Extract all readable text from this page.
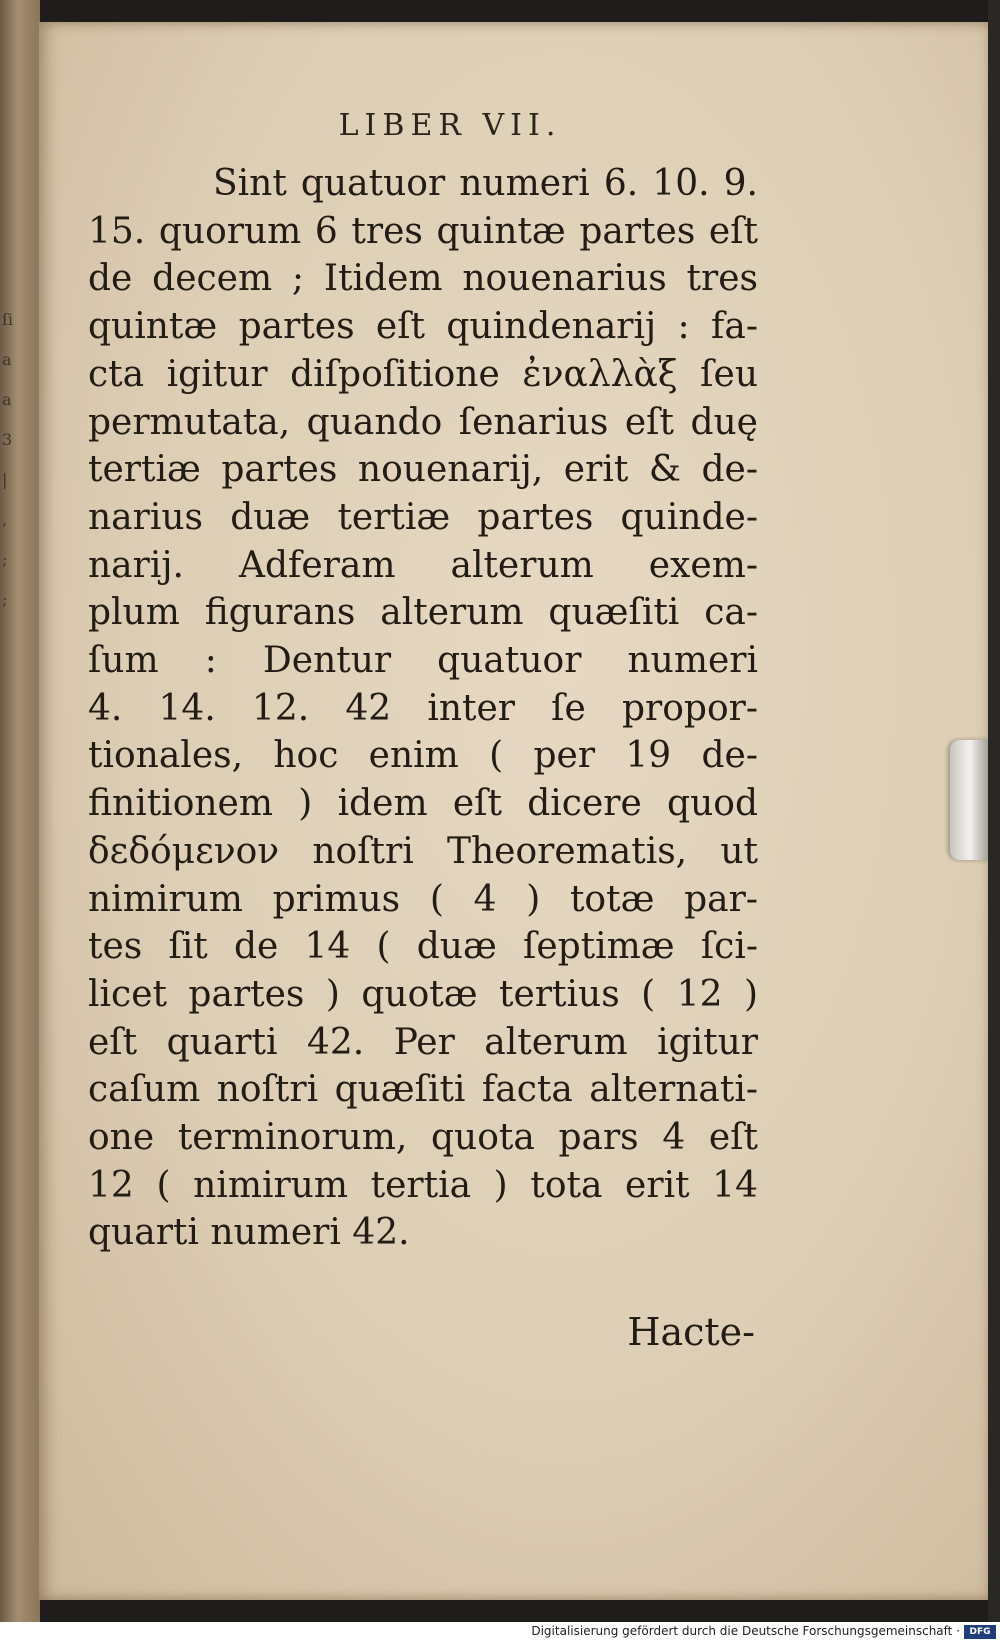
ſi
a
a
3
|
,
;
;
LIBER VII.
Sint quatuor numeri 6. 10. 9.
15. quorum 6 tres quintæ partes eſt
de decem ; Itidem nouenarius tres
quintæ partes eſt quindenarij : fa-
cta igitur diſpoſitione ἐναλλὰξ ſeu
permutata, quando ſenarius eſt duę
tertiæ partes nouenarij, erit & de-
narius duæ tertiæ partes quinde-
narij. Adferam alterum exem-
plum figurans alterum quæſiti ca-
ſum : Dentur quatuor numeri
4. 14. 12. 42 inter ſe propor-
tionales, hoc enim ( per 19 de-
finitionem ) idem eſt dicere quod
δεδόμενον noſtri Theorematis, ut
nimirum primus ( 4 ) totæ par-
tes ſit de 14 ( duæ ſeptimæ ſci-
licet partes ) quotæ tertius ( 12 )
eſt quarti 42. Per alterum igitur
caſum noſtri quæſiti facta alternati-
one terminorum, quota pars 4 eſt
12 ( nimirum tertia ) tota erit 14
quarti numeri 42.
Hacte-
Digitalisierung gefördert durch die Deutsche Forschungsgemeinschaft ·	DFG
